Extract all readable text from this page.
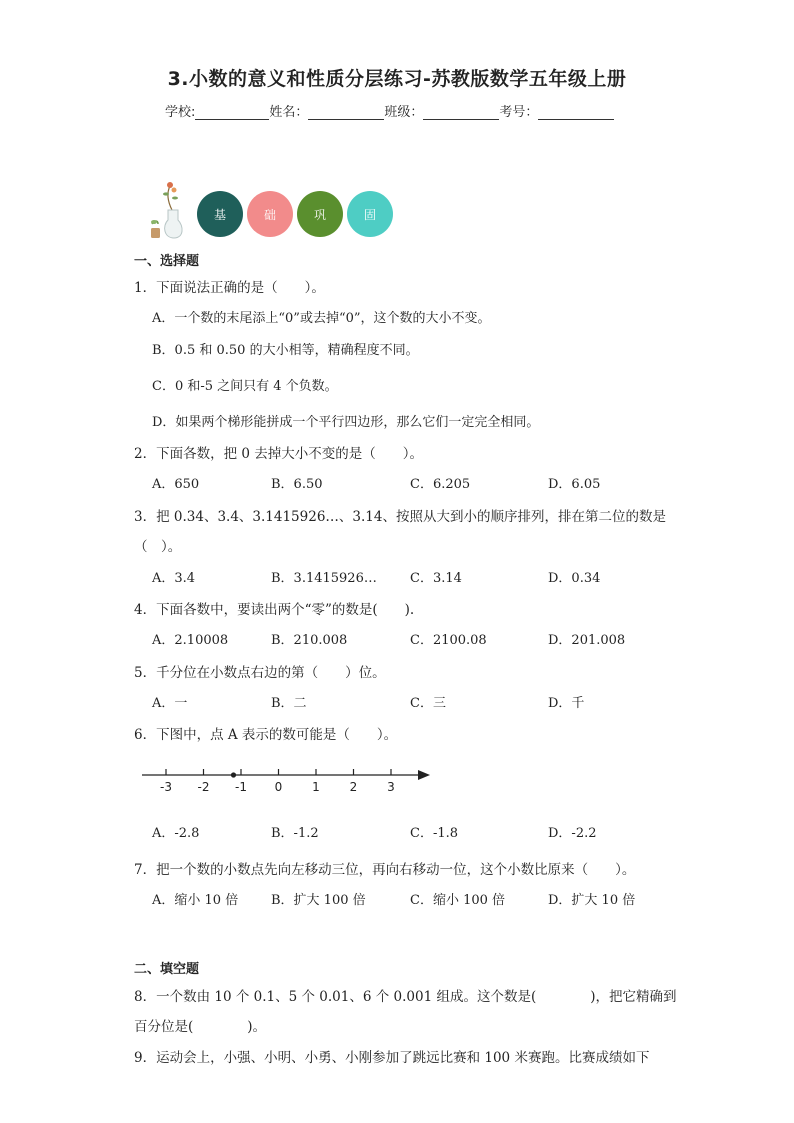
3.小数的意义和性质分层练习-苏教版数学五年级上册
学校:	姓名：	班级：	考号：
基	础	巩	固
一、选择题
1．下面说法正确的是（　　）。
A．一个数的末尾添上“0”或去掉“0”，这个数的大小不变。
B．0.5 和 0.50 的大小相等，精确程度不同。
C．0 和-5 之间只有 4 个负数。
D．如果两个梯形能拼成一个平行四边形，那么它们一定完全相同。
2．下面各数，把 0 去掉大小不变的是（　　）。
A．650	B．6.50	C．6.205	D．6.05
3．把 0.34、3.4、3.1415926…、3.14、按照从大到小的顺序排列，排在第二位的数是
（　）。
A．3.4	B．3.1415926…	C．3.14	D．0.34
4．下面各数中，要读出两个“零”的数是(　　).
A．2.10008	B．210.008	C．2100.08	D．201.008
5．千分位在小数点右边的第（　　）位。
A．一	B．二	C．三	D．千
6．下图中，点 A 表示的数可能是（　　）。
-3 -2 -1 0 1 2 3
A．-2.8	B．-1.2	C．-1.8	D．-2.2
7．把一个数的小数点先向左移动三位，再向右移动一位，这个小数比原来（　　）。
A．缩小 10 倍	B．扩大 100 倍	C．缩小 100 倍	D．扩大 10 倍
二、填空题
8．一个数由 10 个 0.1、5 个 0.01、6 个 0.001 组成。这个数是(　　　　)，把它精确到
百分位是(　　　　)。
9．运动会上，小强、小明、小勇、小刚参加了跳远比赛和 100 米赛跑。比赛成绩如下
